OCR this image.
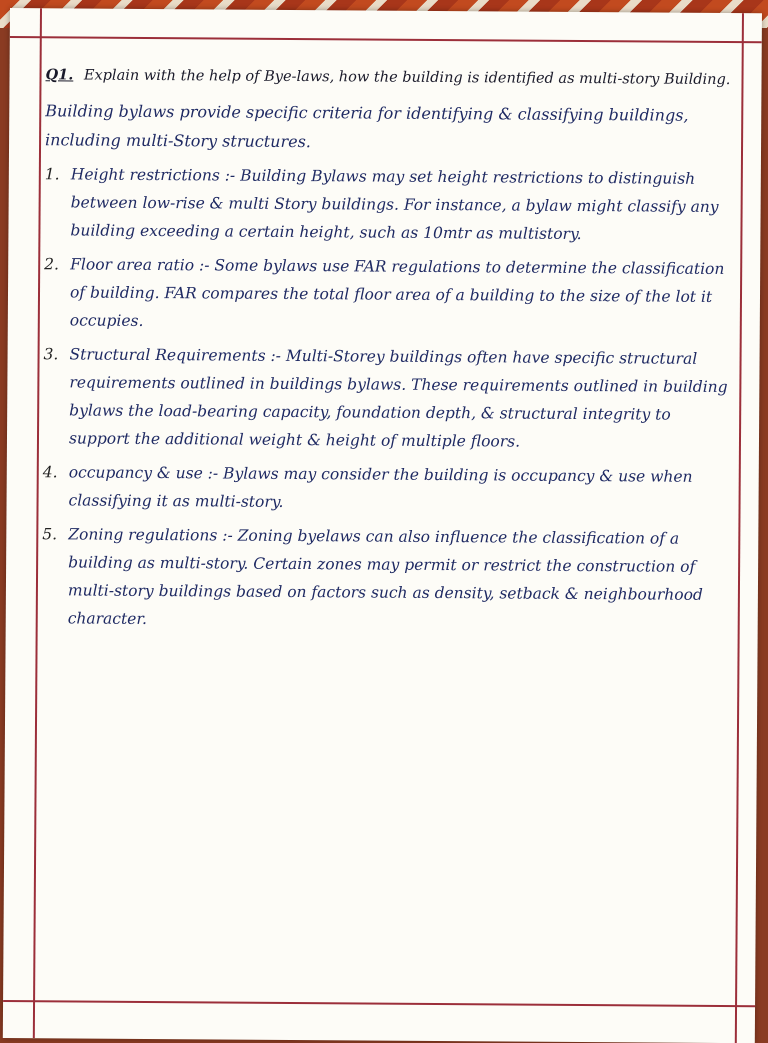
Q1. Explain with the help of Bye-laws, how the building is identified as multi-story Building.
Building bylaws provide specific criteria for identifying & classifying buildings, including multi-Story structures.
1. Height restrictions :- Building Bylaws may set height restrictions to distinguish between low-rise & multi Story buildings. For instance, a bylaw might classify any building exceeding a certain height, such as 10mtr as multistory.
2. Floor area ratio :- Some bylaws use FAR regulations to determine the classification of building. FAR compares the total floor area of a building to the size of the lot it occupies.
3. Structural Requirements :- Multi-Storey buildings often have specific structural requirements outlined in buildings bylaws. These requirements outlined in building bylaws the load-bearing capacity, foundation depth, & structural integrity to support the additional weight & height of multiple floors.
4. occupancy & use :- Bylaws may consider the building is occupancy & use when classifying it as multi-story.
5. Zoning regulations :- Zoning byelaws can also influence the classification of a building as multi-story. Certain zones may permit or restrict the construction of multi-story buildings based on factors such as density, setback & neighbourhood character.
